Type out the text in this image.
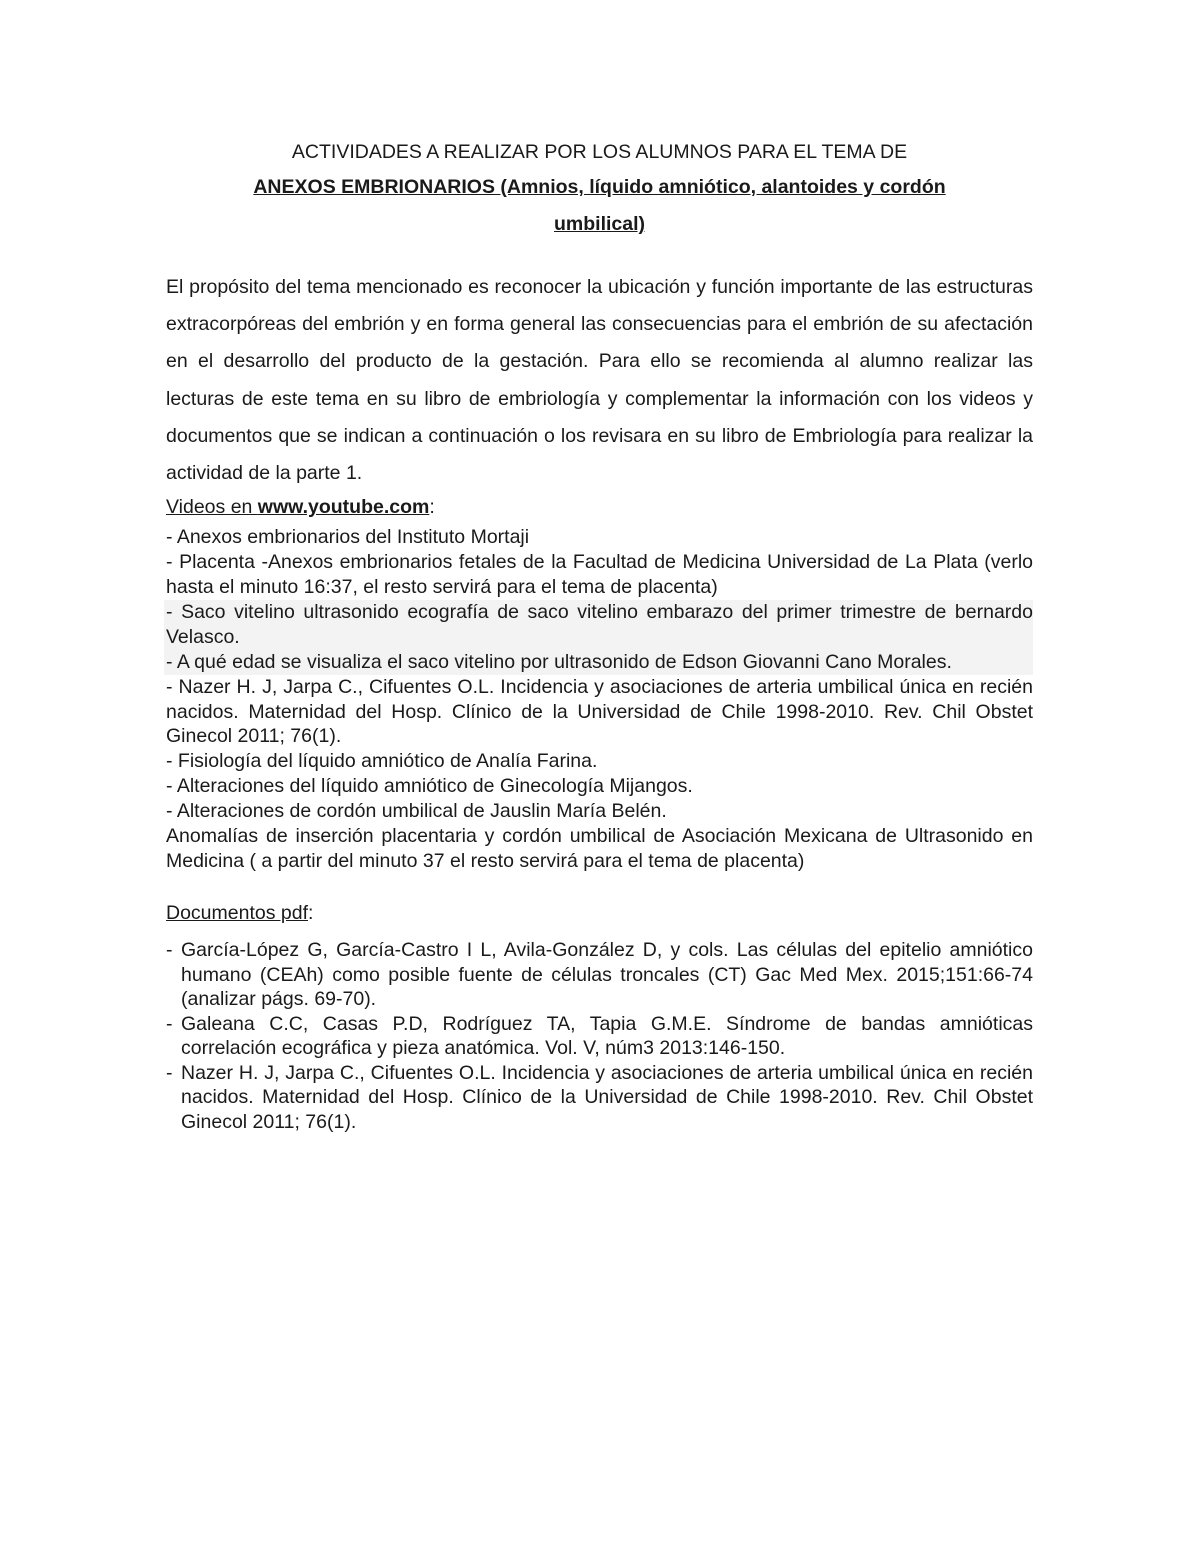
ACTIVIDADES A REALIZAR POR LOS ALUMNOS PARA EL TEMA DE

ANEXOS EMBRIONARIOS (Amnios, líquido amniótico, alantoides y cordón

umbilical)

El propósito del tema mencionado es reconocer la ubicación y función importante de las estructuras extracorpóreas del embrión y en forma general las consecuencias para el embrión de su afectación en el desarrollo del producto de la gestación. Para ello se recomienda al alumno realizar las lecturas de este tema en su libro de embriología y complementar la información con los videos y documentos que se indican a continuación o los revisara en su libro de Embriología para realizar la actividad de la parte 1.

Videos en www.youtube.com:

- Anexos embrionarios del Instituto Mortaji
- Placenta -Anexos embrionarios fetales de la Facultad de Medicina Universidad de La Plata (verlo hasta el minuto 16:37, el resto servirá para el tema de placenta)
- Saco vitelino ultrasonido ecografía de saco vitelino embarazo del primer trimestre de bernardo Velasco.
- A qué edad se visualiza el saco vitelino por ultrasonido de Edson Giovanni Cano Morales.
- Nazer H. J, Jarpa C., Cifuentes O.L. Incidencia y asociaciones de arteria umbilical única en recién nacidos. Maternidad del Hosp. Clínico de la Universidad de Chile 1998-2010. Rev. Chil Obstet Ginecol 2011; 76(1).
- Fisiología del líquido amniótico de Analía Farina.
- Alteraciones del líquido amniótico de Ginecología Mijangos.
- Alteraciones de cordón umbilical de Jauslin María Belén.
Anomalías de inserción placentaria y cordón umbilical de Asociación Mexicana de Ultrasonido en Medicina ( a partir del minuto 37 el resto servirá para el tema de placenta)

Documentos pdf:

- García-López G, García-Castro I L, Avila-González D, y cols. Las células del epitelio amniótico humano (CEAh) como posible fuente de células troncales (CT) Gac Med Mex. 2015;151:66-74 (analizar págs. 69-70).
- Galeana C.C, Casas P.D, Rodríguez TA, Tapia G.M.E. Síndrome de bandas amnióticas correlación ecográfica y pieza anatómica. Vol. V, núm3 2013:146-150.
- Nazer H. J, Jarpa C., Cifuentes O.L. Incidencia y asociaciones de arteria umbilical única en recién nacidos. Maternidad del Hosp. Clínico de la Universidad de Chile 1998-2010. Rev. Chil Obstet Ginecol 2011; 76(1).
